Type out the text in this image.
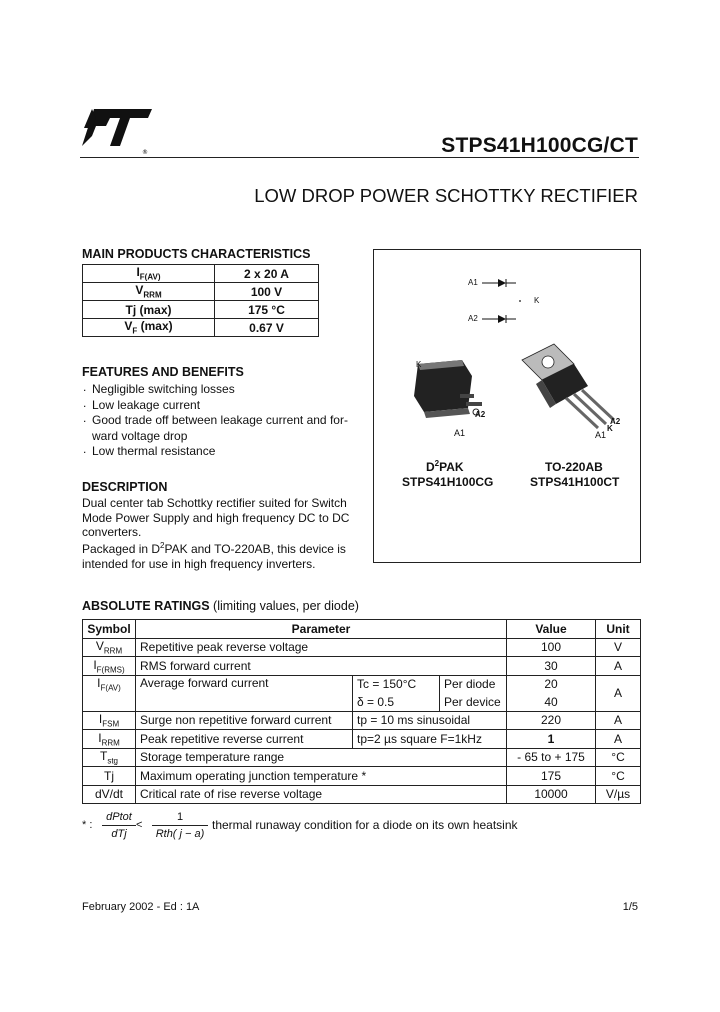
®	STPS41H100CG/CT
LOW DROP POWER SCHOTTKY RECTIFIER
MAIN PRODUCTS CHARACTERISTICS
$I_{F(AV)}$	2 x 20 A
$V_{RRM}$	100 V
Tj (max)	175 °C
$V_F$ (max)	0.67 V
FEATURES AND BENEFITS
. Negligible switching losses
. Low leakage current
. Good trade off between leakage current and for- ward voltage drop
. Low thermal resistance
DESCRIPTION
Dual center tab Schottky rectifier suited for Switch Mode Power Supply and high frequency DC to DC converters.
Packaged in $D^2PAK$ and TO-220AB, this device is intended for use in high frequency inverters.
A1
A2
K
K
A2
A1
A2
K
A1
$D^2PAK$
STPS41H100CG
TO-220AB
STPS41H100CT
ABSOLUTE RATINGS (limiting values, per diode)
Symbol	Parameter			Value	Unit
$V_{RRM}$	Repetitive peak reverse voltage			100	V
$I_{F(RMS)}$	RMS forward current			30	A
$I_{F(AV)}$	Average forward current	Tc = 150°C	Per diode	20	A
		δ = 0.5	Per device	40	
$I_{FSM}$	Surge non repetitive forward current	tp = 10 ms sinusoidal		220	A
$I_{RRM}$	Peak repetitive reverse current	tp=2 µs square F=1kHz		1	A
$T_{stg}$	Storage temperature range			- 65 to + 175	°C
Tj	Maximum operating junction temperature *			175	°C
dV/dt	Critical rate of rise reverse voltage			10000	V/µs
* :
dPtot
dTj
<
1
Rth( j − a)
thermal runaway condition for a diode on its own heatsink
February 2002 - Ed : 1A	1/5
